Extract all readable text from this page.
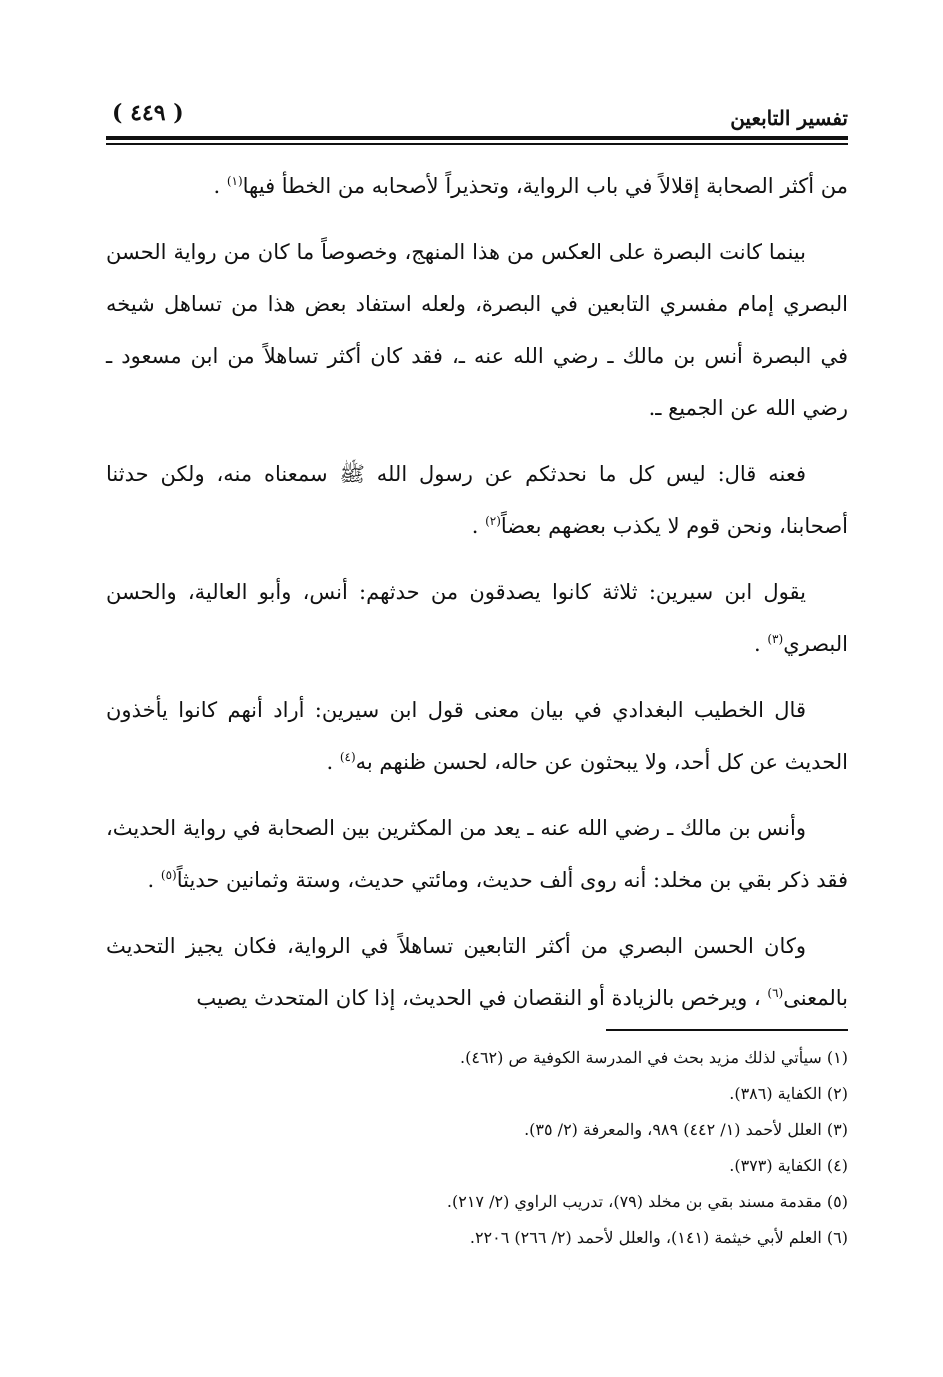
تفسير التابعين
( ٤٤٩ )

من أكثر الصحابة إقلالاً في باب الرواية، وتحذيراً لأصحابه من الخطأ فيها$^{(١)}$ .

بينما كانت البصرة على العكس من هذا المنهج، وخصوصاً ما كان من رواية الحسن البصري إمام مفسري التابعين في البصرة، ولعله استفاد بعض هذا من تساهل شيخه في البصرة أنس بن مالك ـ رضي الله عنه ـ، فقد كان أكثر تساهلاً من ابن مسعود ـ رضي الله عن الجميع ـ.

فعنه قال: ليس كل ما نحدثكم عن رسول الله ﷺ سمعناه منه، ولكن حدثنا أصحابنا، ونحن قوم لا يكذب بعضهم بعضاً$^{(٢)}$ .

يقول ابن سيرين: ثلاثة كانوا يصدقون من حدثهم: أنس، وأبو العالية، والحسن البصري$^{(٣)}$ .

قال الخطيب البغدادي في بيان معنى قول ابن سيرين: أراد أنهم كانوا يأخذون الحديث عن كل أحد، ولا يبحثون عن حاله، لحسن ظنهم به$^{(٤)}$ .

وأنس بن مالك ـ رضي الله عنه ـ يعد من المكثرين بين الصحابة في رواية الحديث، فقد ذكر بقي بن مخلد: أنه روى ألف حديث، ومائتي حديث، وستة وثمانين حديثاً$^{(٥)}$ .

وكان الحسن البصري من أكثر التابعين تساهلاً في الرواية، فكان يجيز التحديث بالمعنى$^{(٦)}$ ، ويرخص بالزيادة أو النقصان في الحديث، إذا كان المتحدث يصيب

(١) سيأتي لذلك مزيد بحث في المدرسة الكوفية ص (٤٦٢).

(٢) الكفاية (٣٨٦).

(٣) العلل لأحمد (١/ ٤٤٢) ٩٨٩، والمعرفة (٢/ ٣٥).

(٤) الكفاية (٣٧٣).

(٥) مقدمة مسند بقي بن مخلد (٧٩)، تدريب الراوي (٢/ ٢١٧).

(٦) العلم لأبي خيثمة (١٤١)، والعلل لأحمد (٢/ ٢٦٦) ٢٢٠٦.
